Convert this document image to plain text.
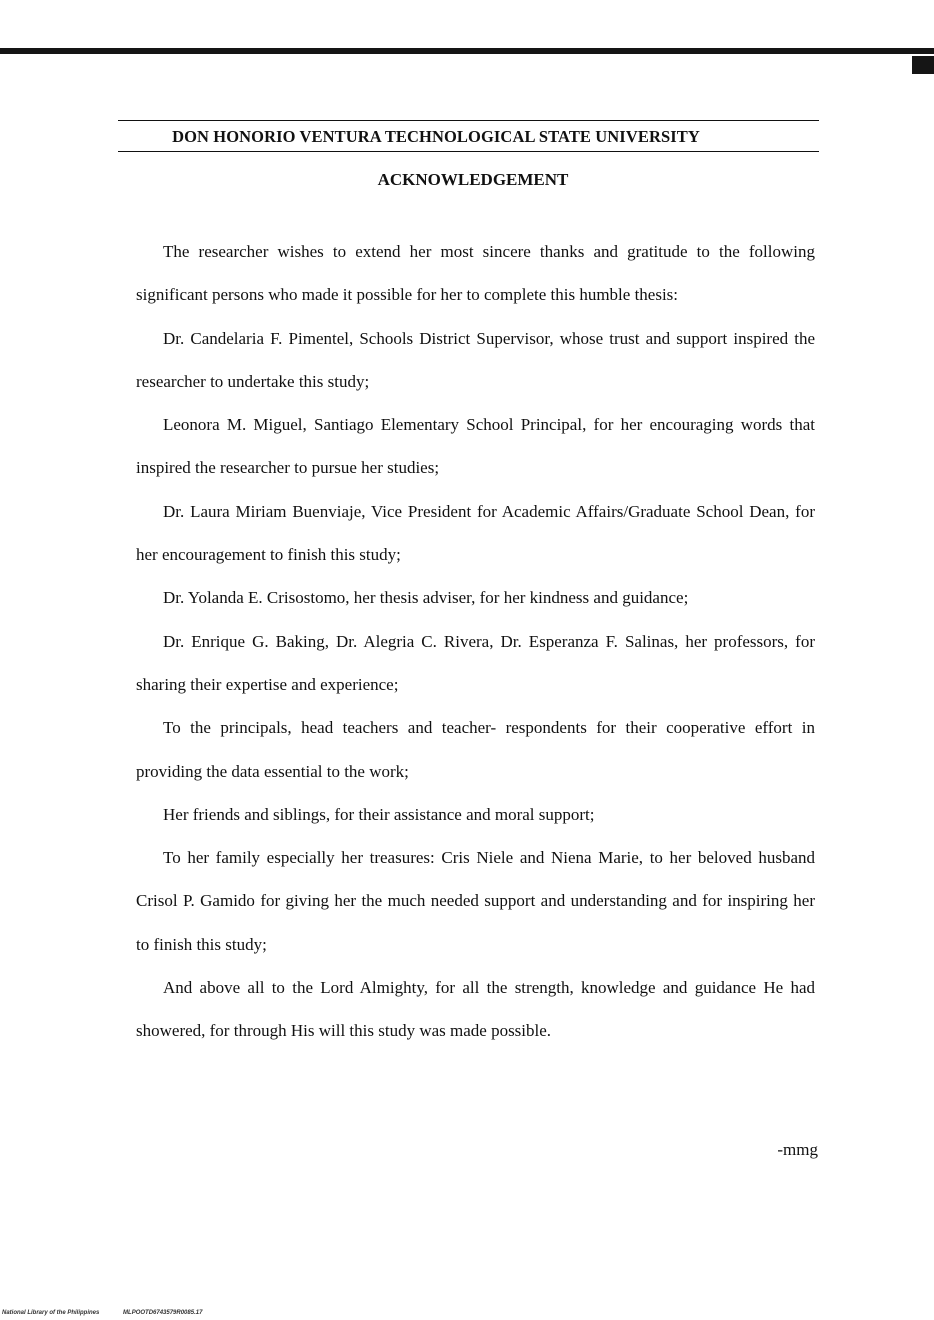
DON HONORIO VENTURA TECHNOLOGICAL STATE UNIVERSITY
ACKNOWLEDGEMENT

The researcher wishes to extend her most sincere thanks and gratitude to the following significant persons who made it possible for her to complete this humble thesis:

Dr. Candelaria F. Pimentel, Schools District Supervisor, whose trust and support inspired the researcher to undertake this study;

Leonora M. Miguel, Santiago Elementary School Principal, for her encouraging words that inspired the researcher to pursue her studies;

Dr. Laura Miriam Buenviaje, Vice President for Academic Affairs/Graduate School Dean, for her encouragement to finish this study;

Dr. Yolanda E. Crisostomo, her thesis adviser, for her kindness and guidance;

Dr. Enrique G. Baking, Dr. Alegria C. Rivera, Dr. Esperanza F. Salinas, her professors, for sharing their expertise and experience;

To the principals, head teachers and teacher- respondents for their cooperative effort in providing the data essential to the work;

Her friends and siblings, for their assistance and moral support;

To her family especially her treasures: Cris Niele and Niena Marie, to her beloved husband Crisol P. Gamido for giving her the much needed support and understanding and for inspiring her to finish this study;

And above all to the Lord Almighty, for all the strength, knowledge and guidance He had showered, for through His will this study was made possible.

-mmg
National Library of the Philippines	MLPOOTD6743579R0085.17
